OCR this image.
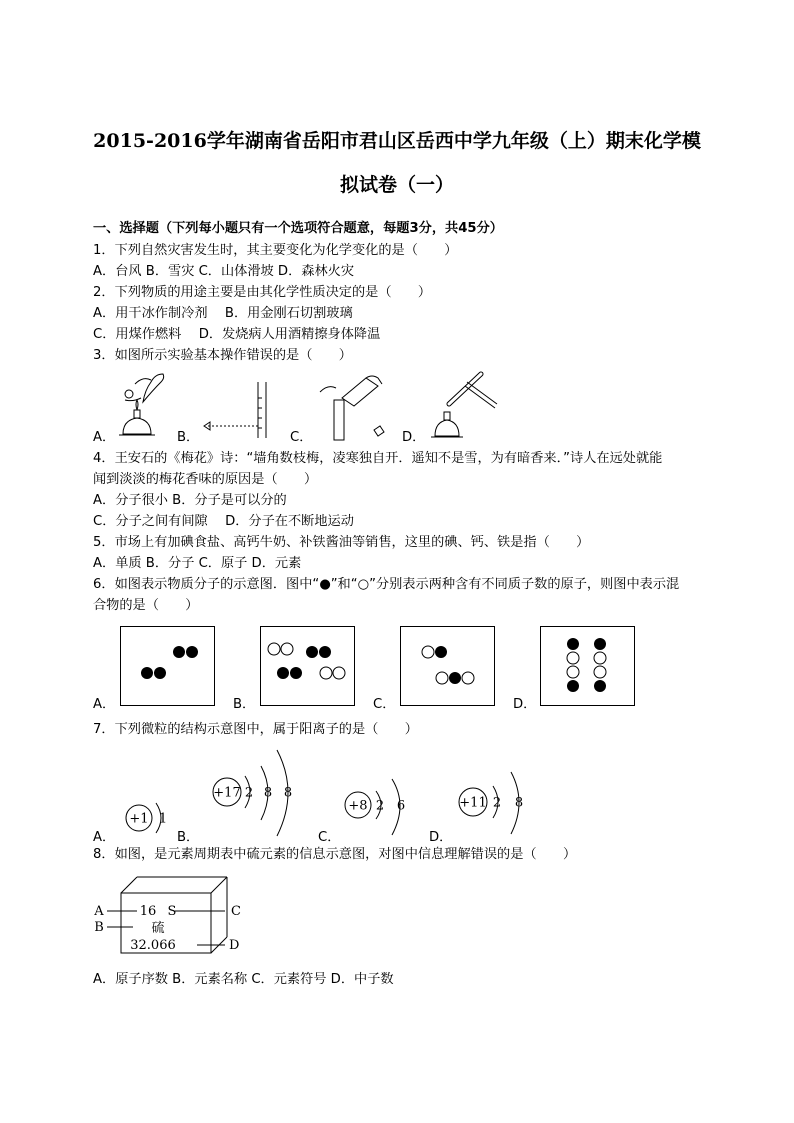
2015-2016学年湖南省岳阳市君山区岳西中学九年级（上）期末化学模
拟试卷（一）
一、选择题（下列每小题只有一个选项符合题意，每题3分，共45分）
1．下列自然灾害发生时，其主要变化为化学变化的是（　　）
A．台风 B．雪灾 C．山体滑坡 D．森林火灾
2．下列物质的用途主要是由其化学性质决定的是（　　）
A．用干冰作制冷剂　 B．用金刚石切割玻璃
C．用煤作燃料　 D．发烧病人用酒精擦身体降温
3．如图所示实验基本操作错误的是（　　）
A．	B．	C．	D．
4．王安石的《梅花》诗：“墙角数枝梅，凌寒独自开．遥知不是雪，为有暗香来．”诗人在远处就能
闻到淡淡的梅花香味的原因是（　　）
A．分子很小 B．分子是可以分的
C．分子之间有间隙　 D．分子在不断地运动
5．市场上有加碘食盐、高钙牛奶、补铁酱油等销售，这里的碘、钙、铁是指（　　）
A．单质 B．分子 C．原子 D．元素
6．如图表示物质分子的示意图．图中“●”和“○”分别表示两种含有不同质子数的原子，则图中表示混
合物的是（　　）
A．	B．	C．	D．
7．下列微粒的结构示意图中，属于阳离子的是（　　）
A．	B．	C．	D．
+1 1
+17 2 8 8
+8 2 6	+11 2 8
8．如图，是元素周期表中硫元素的信息示意图，对图中信息理解错误的是（　　）
A
B
C
D
16 S
硫
32.066
A．原子序数 B．元素名称 C．元素符号 D．中子数
